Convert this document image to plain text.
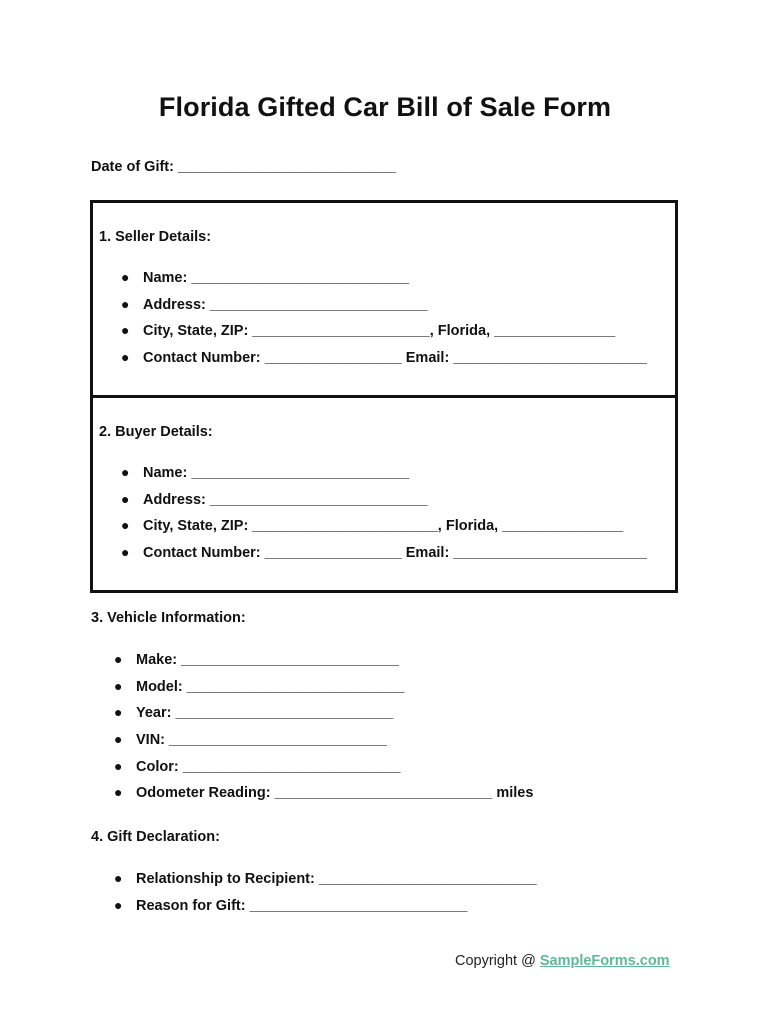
Florida Gifted Car Bill of Sale Form
Date of Gift: ___________________________
1. Seller Details:
● Name: ___________________________
● Address: ___________________________
● City, State, ZIP: ______________________, Florida, _______________
● Contact Number: _________________ Email: ________________________
2. Buyer Details:
● Name: ___________________________
● Address: ___________________________
● City, State, ZIP: _______________________, Florida, _______________
● Contact Number: _________________ Email: ________________________
3. Vehicle Information:
● Make: ___________________________
● Model: ___________________________
● Year: ___________________________
● VIN: ___________________________
● Color: ___________________________
● Odometer Reading: ___________________________ miles
4. Gift Declaration:
● Relationship to Recipient: ___________________________
● Reason for Gift: ___________________________
Copyright @ SampleForms.com
